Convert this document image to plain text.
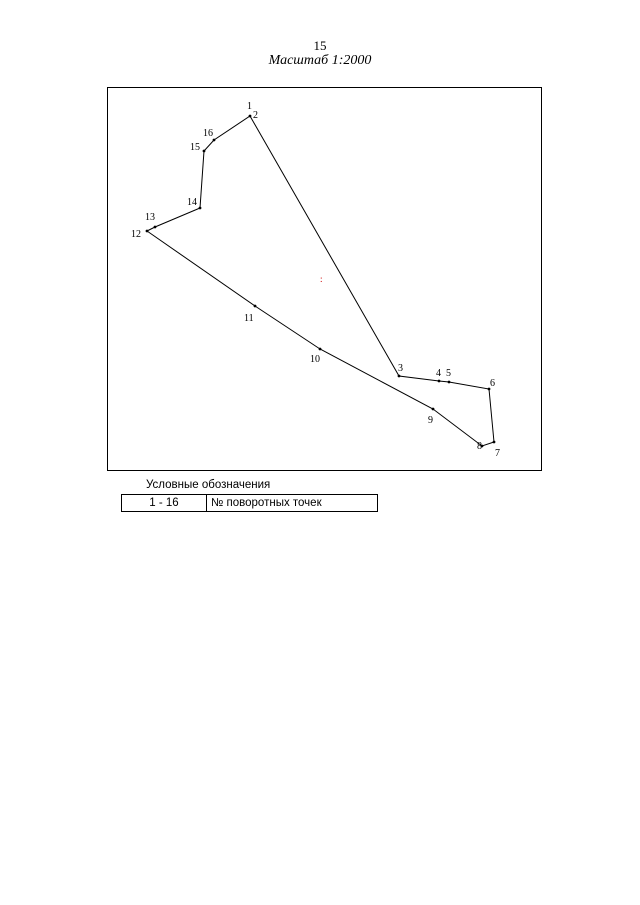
15
Масштаб 1:2000
1
2
3	4 5
6
7
8
9
10
11
12
13
14
15
16
:
Условные обозначения
1 - 16	№ поворотных точек
